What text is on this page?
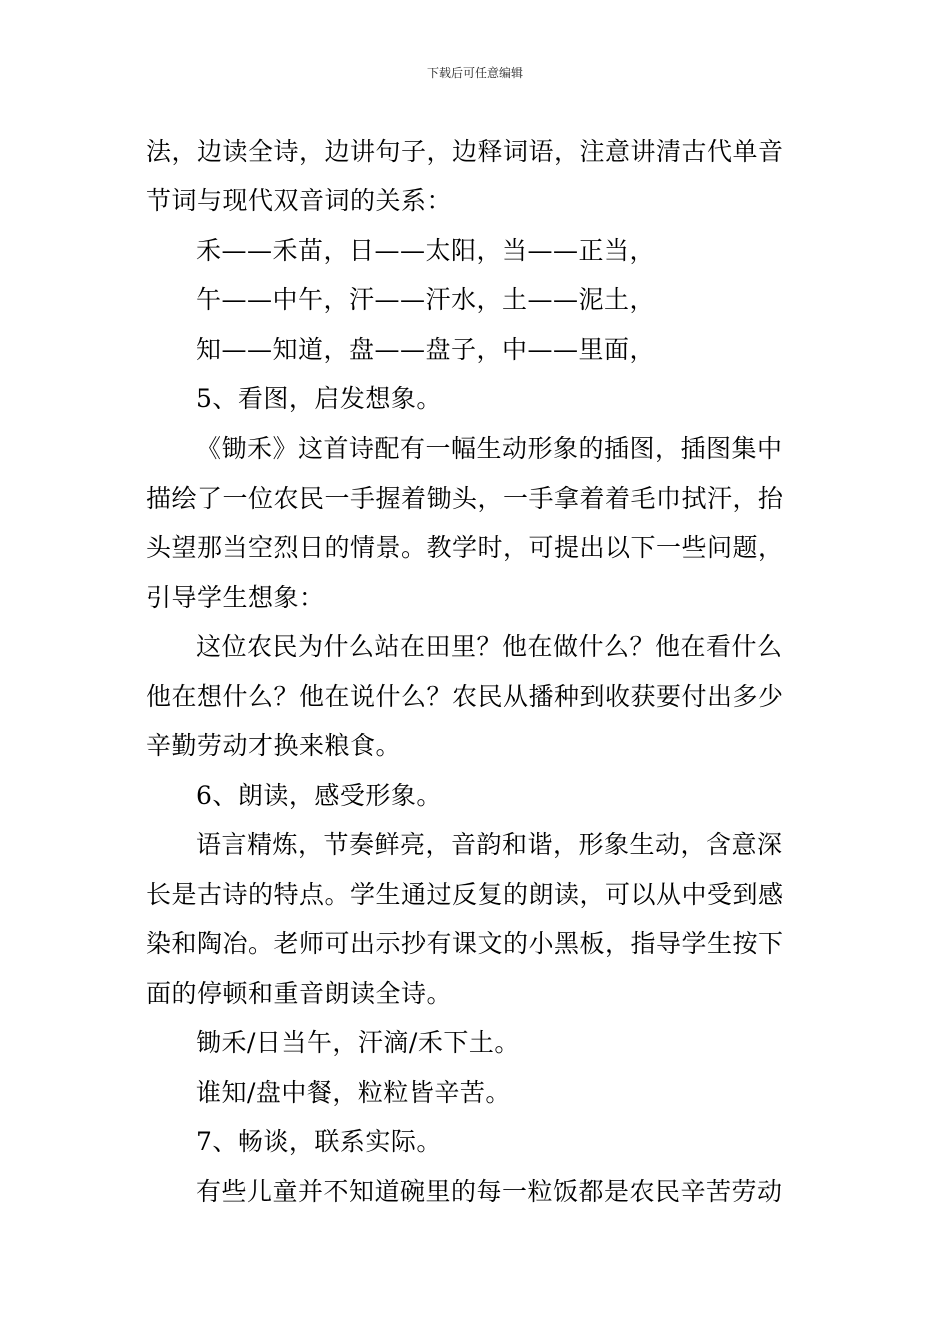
下载后可任意编辑
法，边读全诗，边讲句子，边释词语，注意讲清古代单音
节词与现代双音词的关系：
禾——禾苗，日——太阳，当——正当，
午——中午，汗——汗水，土——泥土，
知——知道，盘——盘子，中——里面，
5、看图，启发想象。
《锄禾》这首诗配有一幅生动形象的插图，插图集中
描绘了一位农民一手握着锄头，一手拿着着毛巾拭汗，抬
头望那当空烈日的情景。教学时，可提出以下一些问题，
引导学生想象：
这位农民为什么站在田里？他在做什么？他在看什么
他在想什么？他在说什么？农民从播种到收获要付出多少
辛勤劳动才换来粮食。
6、朗读，感受形象。
语言精炼，节奏鲜亮，音韵和谐，形象生动，含意深
长是古诗的特点。学生通过反复的朗读，可以从中受到感
染和陶冶。老师可出示抄有课文的小黑板，指导学生按下
面的停顿和重音朗读全诗。
锄禾/日当午，汗滴/禾下土。
谁知/盘中餐，粒粒皆辛苦。
7、畅谈，联系实际。
有些儿童并不知道碗里的每一粒饭都是农民辛苦劳动
